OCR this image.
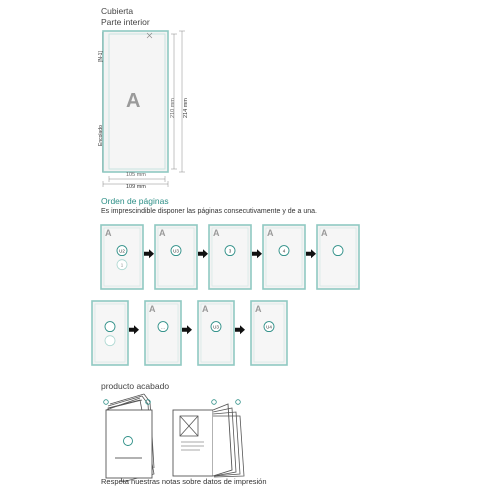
Cubierta
Parte interior
A
U2
1
A
U3
A
3
A
4
A
A
...
A
U3
A
U4
A
[N-1]
Encolado
210 mm 214 mm
105 mm
109 mm
Orden de páginas
Es imprescindible disponer las páginas consecutivamente y de a una.
producto acabado
Respeta nuestras notas sobre datos de impresión
